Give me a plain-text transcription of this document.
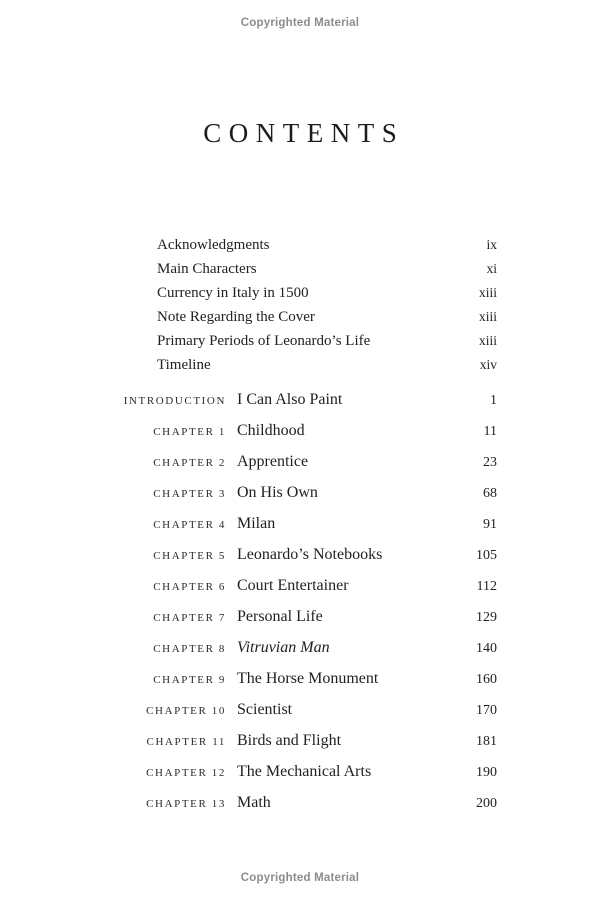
Copyrighted Material
CONTENTS
Acknowledgments	ix
Main Characters	xi
Currency in Italy in 1500	xiii
Note Regarding the Cover	xiii
Primary Periods of Leonardo’s Life	xiii
Timeline	xiv
INTRODUCTION I Can Also Paint	1
CHAPTER 1 Childhood	11
CHAPTER 2 Apprentice	23
CHAPTER 3 On His Own	68
CHAPTER 4 Milan	91
CHAPTER 5 Leonardo’s Notebooks	105
CHAPTER 6 Court Entertainer	112
CHAPTER 7 Personal Life	129
CHAPTER 8 Vitruvian Man	140
CHAPTER 9 The Horse Monument	160
CHAPTER 10 Scientist	170
CHAPTER 11 Birds and Flight	181
CHAPTER 12 The Mechanical Arts	190
CHAPTER 13 Math	200
Copyrighted Material
